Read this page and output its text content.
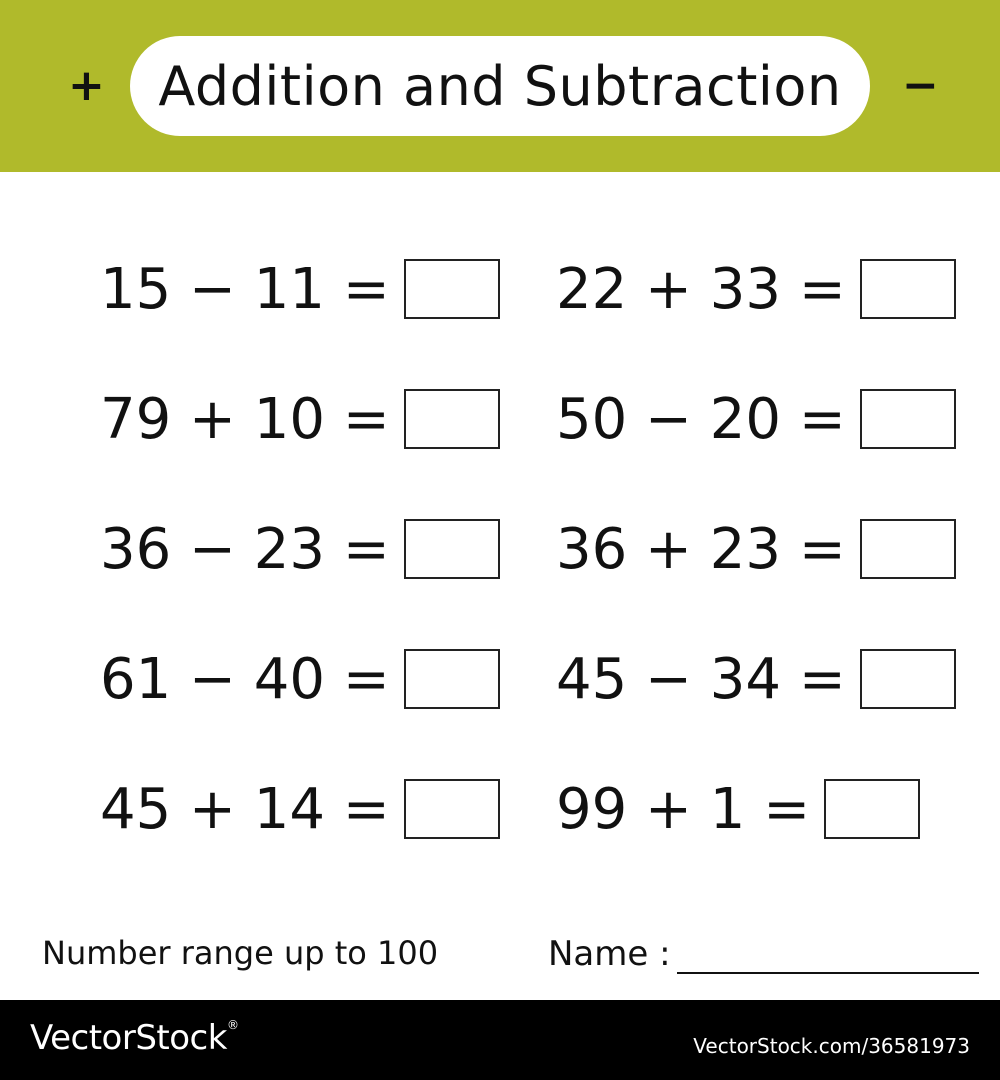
+ Addition and Subtraction −
15 − 11 =
79 + 10 =
36 − 23 =
61 − 40 =
45 + 14 =
22 + 33 =
50 − 20 =
36 + 23 =
45 − 34 =
99 + 1 =
Number range up to 100	Name :
VectorStock®
VectorStock.com/36581973
